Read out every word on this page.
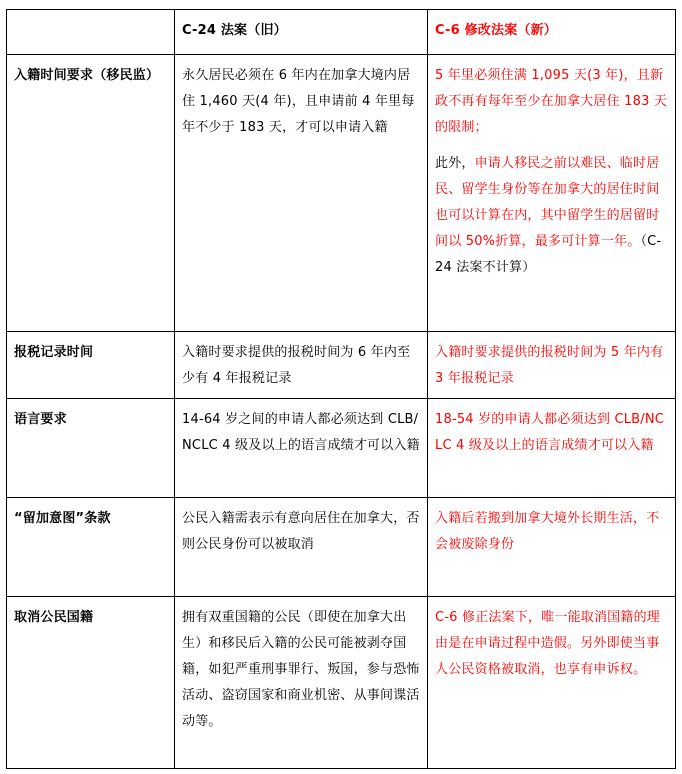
	C-24 法案（旧）	C-6 修改法案（新）
入籍时间要求（移民监）	永久居民必须在 6 年内在加拿大境内居住 1,460 天(4 年)，且申请前 4 年里每年不少于 183 天，才可以申请入籍	5 年里必须住满 1,095 天(3 年)，且新政不再有每年至少在加拿大居住 183 天的限制；

此外，申请人移民之前以难民、临时居民、留学生身份等在加拿大的居住时间也可以计算在内，其中留学生的居留时间以 50%折算，最多可计算一年。（C-24 法案不计算）

报税记录时间	入籍时要求提供的报税时间为 6 年内至少有 4 年报税记录	入籍时要求提供的报税时间为 5 年内有 3 年报税记录
语言要求	14-64 岁之间的申请人都必须达到 CLB/NCLC 4 级及以上的语言成绩才可以入籍	18-54 岁的申请人都必须达到 CLB/NCLC 4 级及以上的语言成绩才可以入籍
“留加意图”条款	公民入籍需表示有意向居住在加拿大，否则公民身份可以被取消	入籍后若搬到加拿大境外长期生活，不会被废除身份
取消公民国籍	拥有双重国籍的公民（即使在加拿大出生）和移民后入籍的公民可能被剥夺国籍，如犯严重刑事罪行、叛国，参与恐怖活动、盗窃国家和商业机密、从事间谍活动等。	C-6 修正法案下，唯一能取消国籍的理由是在申请过程中造假。另外即使当事人公民资格被取消，也享有申诉权。
